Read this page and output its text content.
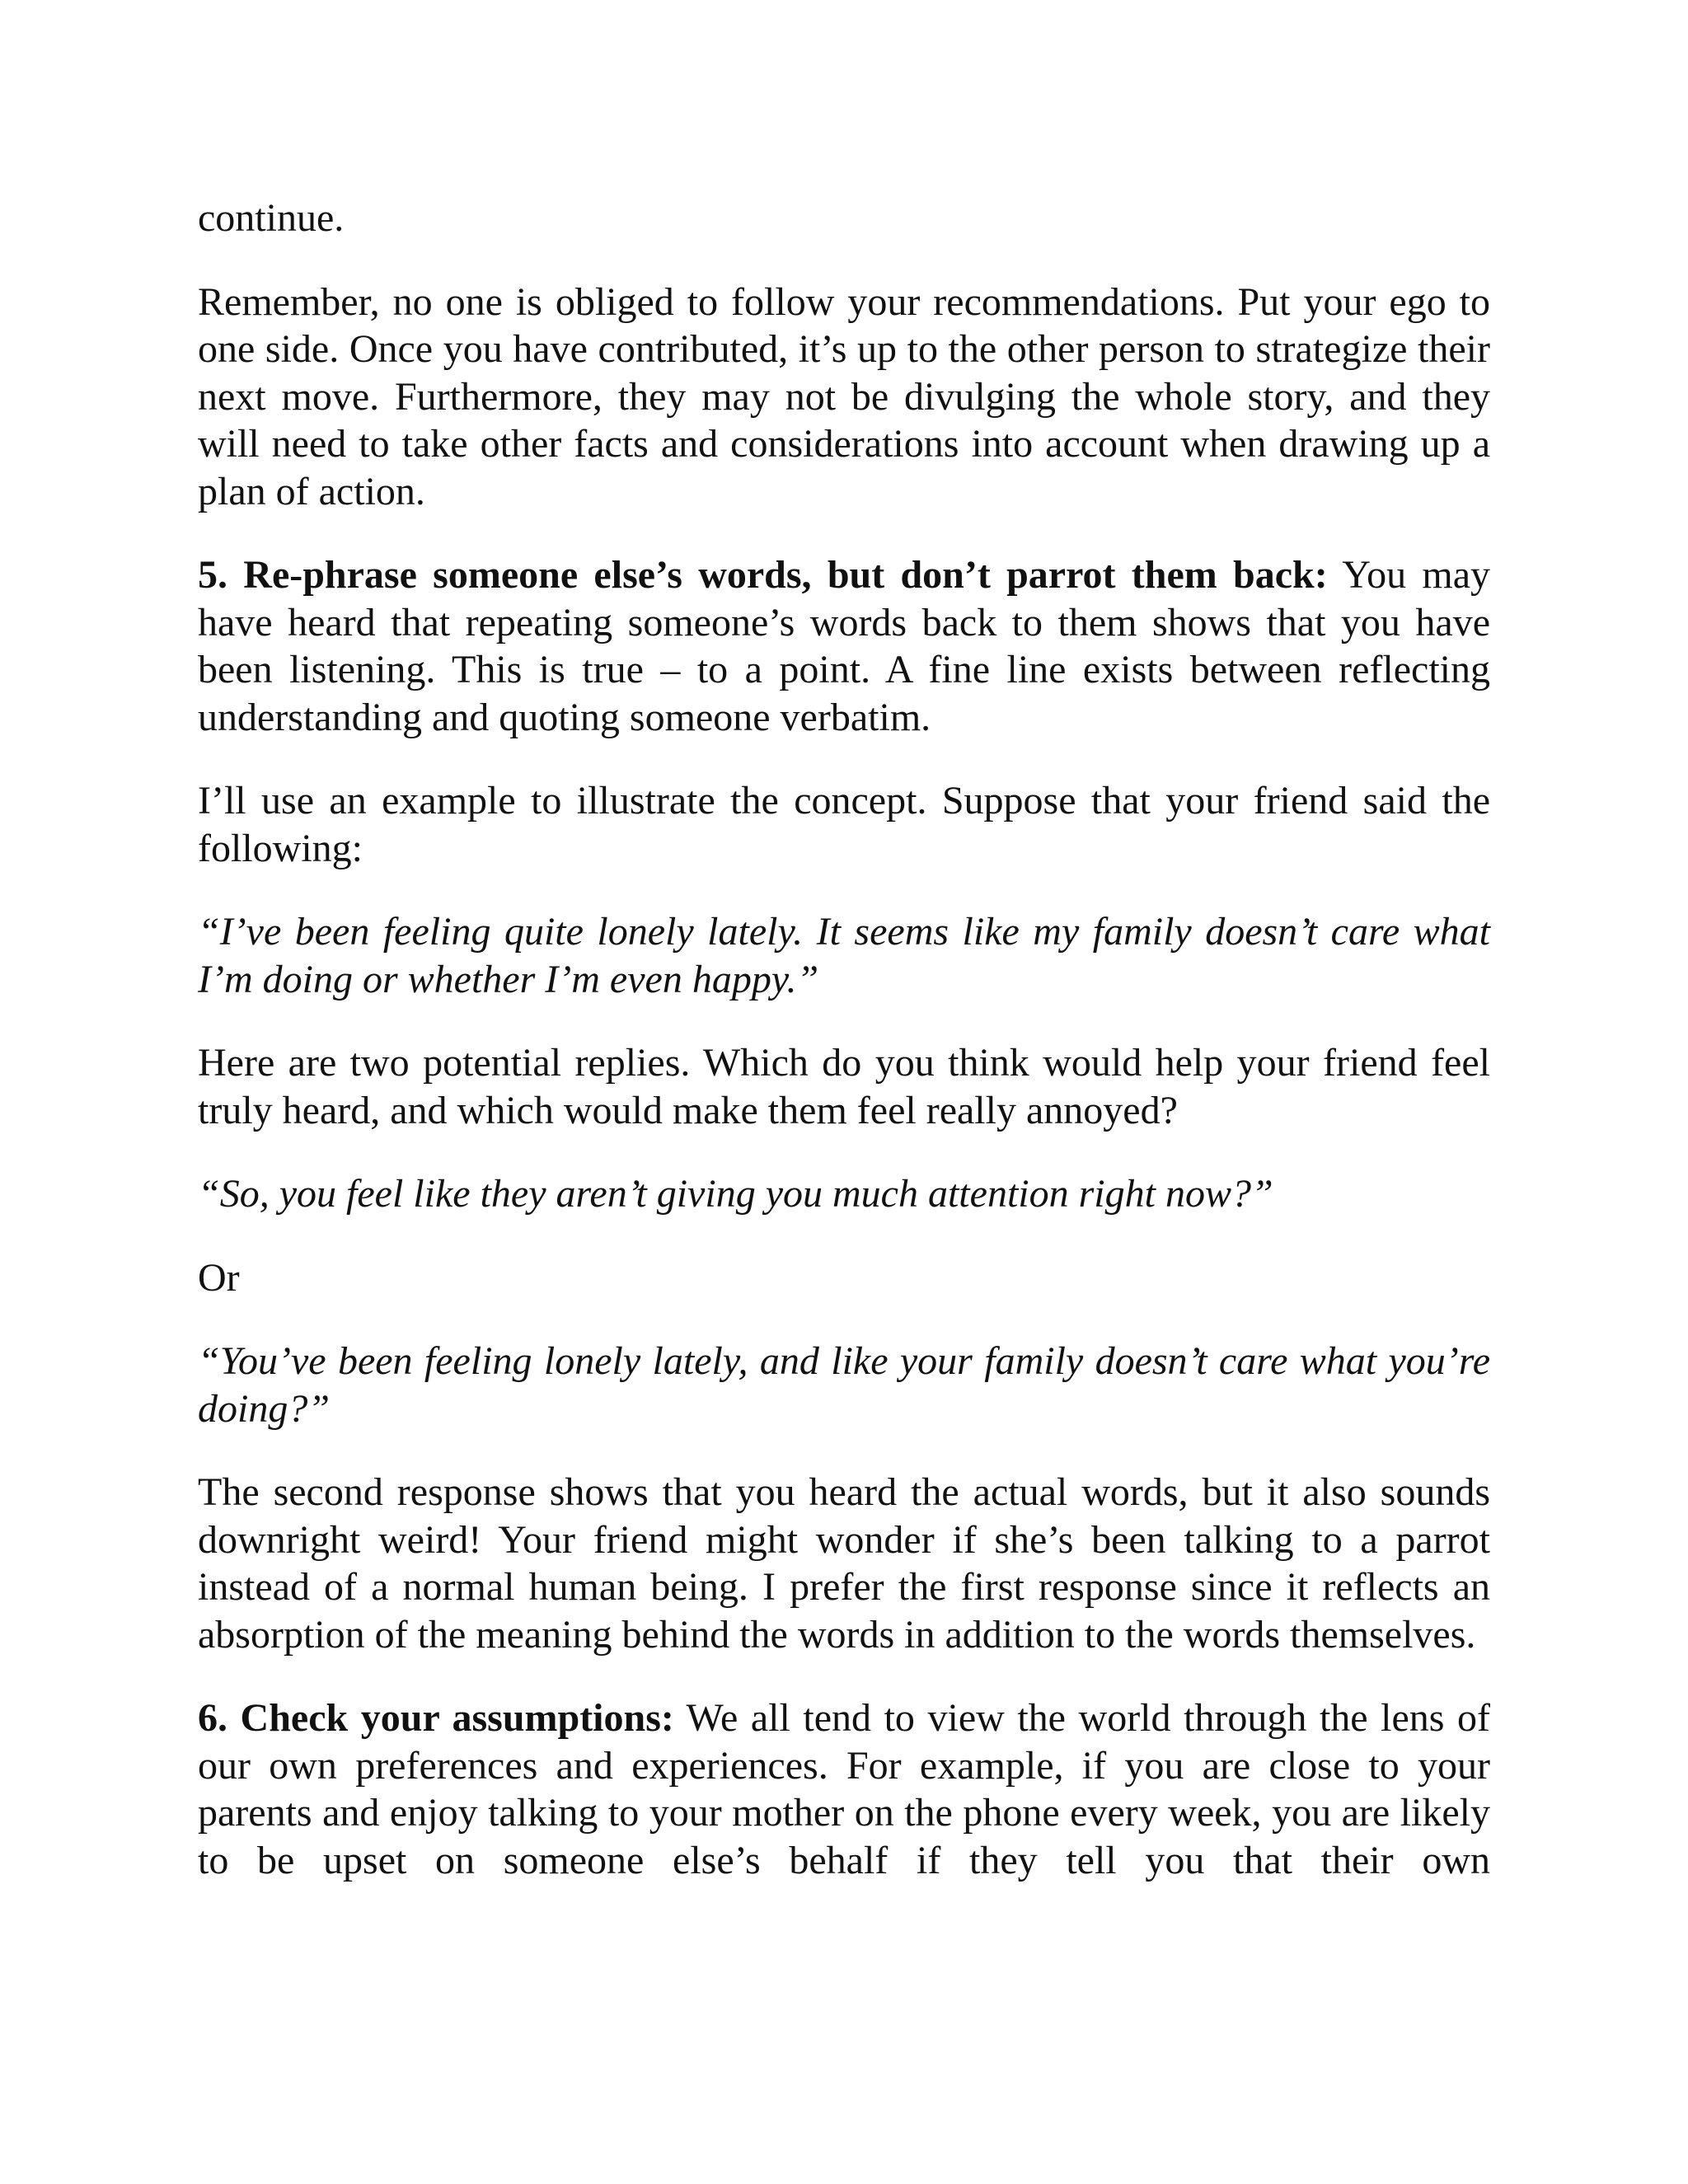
continue.

Remember, no one is obliged to follow your recommendations. Put your ego to one side. Once you have contributed, it’s up to the other person to strategize their next move. Furthermore, they may not be divulging the whole story, and they will need to take other facts and considerations into account when drawing up a plan of action.

5. Re-phrase someone else’s words, but don’t parrot them back: You may have heard that repeating someone’s words back to them shows that you have been listening. This is true – to a point. A fine line exists between reflecting understanding and quoting someone verbatim.

I’ll use an example to illustrate the concept. Suppose that your friend said the following:

“I’ve been feeling quite lonely lately. It seems like my family doesn’t care what I’m doing or whether I’m even happy.”

Here are two potential replies. Which do you think would help your friend feel truly heard, and which would make them feel really annoyed?

“So, you feel like they aren’t giving you much attention right now?”

Or

“You’ve been feeling lonely lately, and like your family doesn’t care what you’re doing?”

The second response shows that you heard the actual words, but it also sounds downright weird! Your friend might wonder if she’s been talking to a parrot instead of a normal human being. I prefer the first response since it reflects an absorption of the meaning behind the words in addition to the words themselves.

6. Check your assumptions: We all tend to view the world through the lens of our own preferences and experiences. For example, if you are close to your parents and enjoy talking to your mother on the phone every week, you are likely to be upset on someone else’s behalf if they tell you that their own
